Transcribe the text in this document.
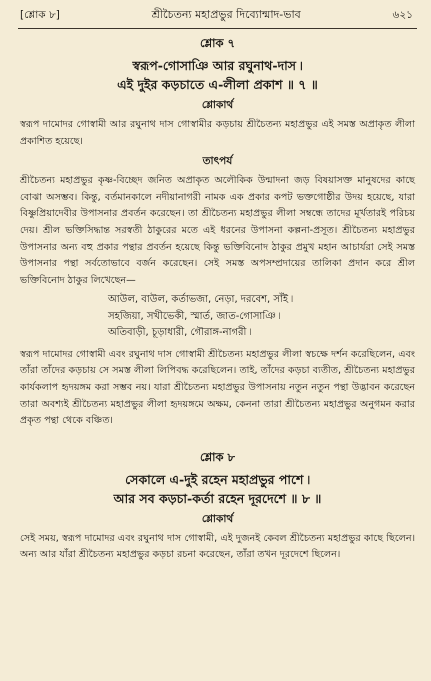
[শ্লোক ৮]	শ্রীচৈতন্য মহাপ্রভুর দিব্যোন্মাদ-ভাব	৬২১
শ্লোক ৭
স্বরূপ-গোসাঞি আর রঘুনাথ-দাস ৷
এই দুইর কড়চাতে এ-লীলা প্রকাশ ॥ ৭ ॥
শ্লোকার্থ

স্বরূপ দামোদর গোস্বামী আর রঘুনাথ দাস গোস্বামীর কড়চায় শ্রীচৈতন্য মহাপ্রভুর এই সমস্ত অপ্রাকৃত লীলা প্রকাশিত হয়েছে।

তাৎপর্য

শ্রীচৈতন্য মহাপ্রভুর কৃষ্ণ-বিচ্ছেদ জনিত অপ্রাকৃত অলৌকিক উন্মাদনা জড় বিষয়াসক্ত মানুষদের কাছে বোঝা অসম্ভব। কিন্তু, বর্তমানকালে নদীয়ানাগরী নামক এক প্রকার কপট ভক্তগোষ্ঠীর উদয় হয়েছে, যারা বিষ্ণুপ্রিয়াদেবীর উপাসনার প্রবর্তন করেছেন। তা শ্রীচৈতন্য মহাপ্রভুর লীলা সম্বন্ধে তাদের মূর্খতারই পরিচয় দেয়। শ্রীল ভক্তিসিদ্ধান্ত সরস্বতী ঠাকুরের মতে এই ধরনের উপাসনা কল্পনা-প্রসূত। শ্রীচৈতন্য মহাপ্রভুর উপাসনার অন্য বহু প্রকার পন্থার প্রবর্তন হয়েছে কিন্তু ভক্তিবিনোদ ঠাকুর প্রমুখ মহান আচার্যরা সেই সমস্ত উপাসনার পন্থা সর্বতোভাবে বর্জন করেছেন। সেই সমস্ত অপসম্প্রদায়ের তালিকা প্রদান করে শ্রীল ভক্তিবিনোদ ঠাকুর লিখেছেন—

আউল, বাউল, কর্তাভজা, নেড়া, দরবেশ, সাঁই ৷
সহজিয়া, সখীভেকী, স্মার্ত, জাত-গোসাঞি ৷
অতিবাড়ী, চূড়াধারী, গৌরাঙ্গ-নাগরী ৷

স্বরূপ দামোদর গোস্বামী এবং রঘুনাথ দাস গোস্বামী শ্রীচৈতন্য মহাপ্রভুর লীলা স্বচক্ষে দর্শন করেছিলেন, এবং তাঁরা তাঁদের কড়চায় সে সমস্ত লীলা লিপিবদ্ধ করেছিলেন। তাই, তাঁদের কড়চা ব্যতীত, শ্রীচৈতন্য মহাপ্রভুর কার্যকলাপ হৃদয়ঙ্গম করা সম্ভব নয়। যারা শ্রীচৈতন্য মহাপ্রভুর উপাসনায় নতুন নতুন পন্থা উদ্ভাবন করেছেন তারা অবশ্যই শ্রীচৈতন্য মহাপ্রভুর লীলা হৃদয়ঙ্গমে অক্ষম, কেননা তারা শ্রীচৈতন্য মহাপ্রভুর অনুগমন করার প্রকৃত পন্থা থেকে বঞ্চিত।

শ্লোক ৮
সেকালে এ-দুই রহেন মহাপ্রভুর পাশে ৷
আর সব কড়চা-কর্তা রহেন দূরদেশে ॥ ৮ ॥
শ্লোকার্থ

সেই সময়, স্বরূপ দামোদর এবং রঘুনাথ দাস গোস্বামী, এই দুজনই কেবল শ্রীচৈতন্য মহাপ্রভুর কাছে ছিলেন। অন্য আর যাঁরা শ্রীচৈতন্য মহাপ্রভুর কড়চা রচনা করেছেন, তাঁরা তখন দূরদেশে ছিলেন।
